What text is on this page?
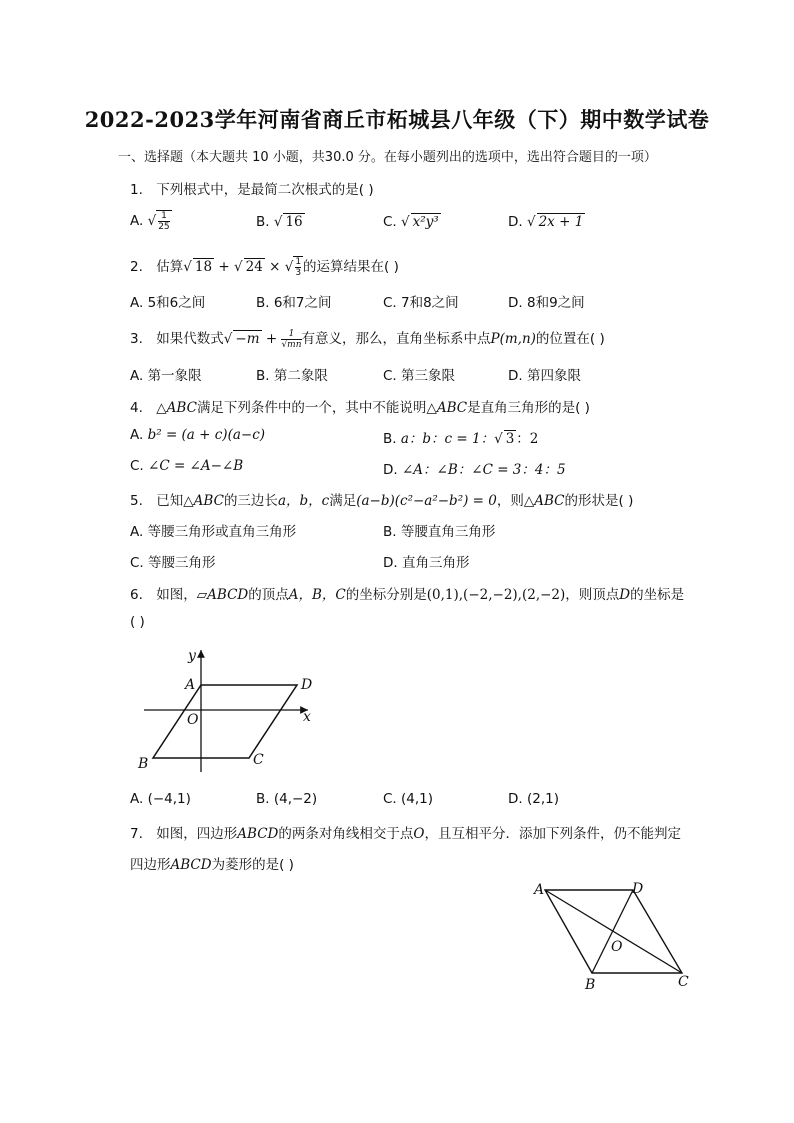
2022-2023学年河南省商丘市柘城县八年级（下）期中数学试卷
一、选择题（本大题共 10 小题，共30.0 分。在每小题列出的选项中，选出符合题目的一项）
1. 下列根式中，是最简二次根式的是( )
A. √ $\frac{1}{25}$	B. √ 16	C. √ x²y³	D. √ 2x + 1
2. 估算√ 18 + √ 24 × √ $\frac{1}{3}$ 的运算结果在( )
A. 5和6之间	B. 6和7之间	C. 7和8之间	D. 8和9之间
3. 如果代数式√ $-m + \frac{1}{√mn}$ 有意义，那么，直角坐标系中点P(m,n)的位置在( )
A. 第一象限	B. 第二象限	C. 第三象限	D. 第四象限
4. △ABC满足下列条件中的一个，其中不能说明△ABC是直角三角形的是( )
A. b² = (a + c)(a−c)	B. a：b：c = 1：√ 3 ：2
C. ∠C = ∠A−∠B	D. ∠A：∠B：∠C = 3：4：5
5. 已知△ABC的三边长a，b，c满足(a−b)(c²−a²−b²) = 0，则△ABC的形状是( )
A. 等腰三角形或直角三角形	B. 等腰直角三角形
C. 等腰三角形	D. 直角三角形
6. 如图，▱ABCD的顶点A，B，C的坐标分别是(0,1),(−2,−2),(2,−2)，则顶点D的坐标是
( )
y
x
A	D
O
B	C
A. (−4,1)	B. (4,−2)	C. (4,1)	D. (2,1)
7. 如图，四边形ABCD的两条对角线相交于点O，且互相平分．添加下列条件，仍不能判定
四边形ABCD为菱形的是( )
A	D
O
B	C
